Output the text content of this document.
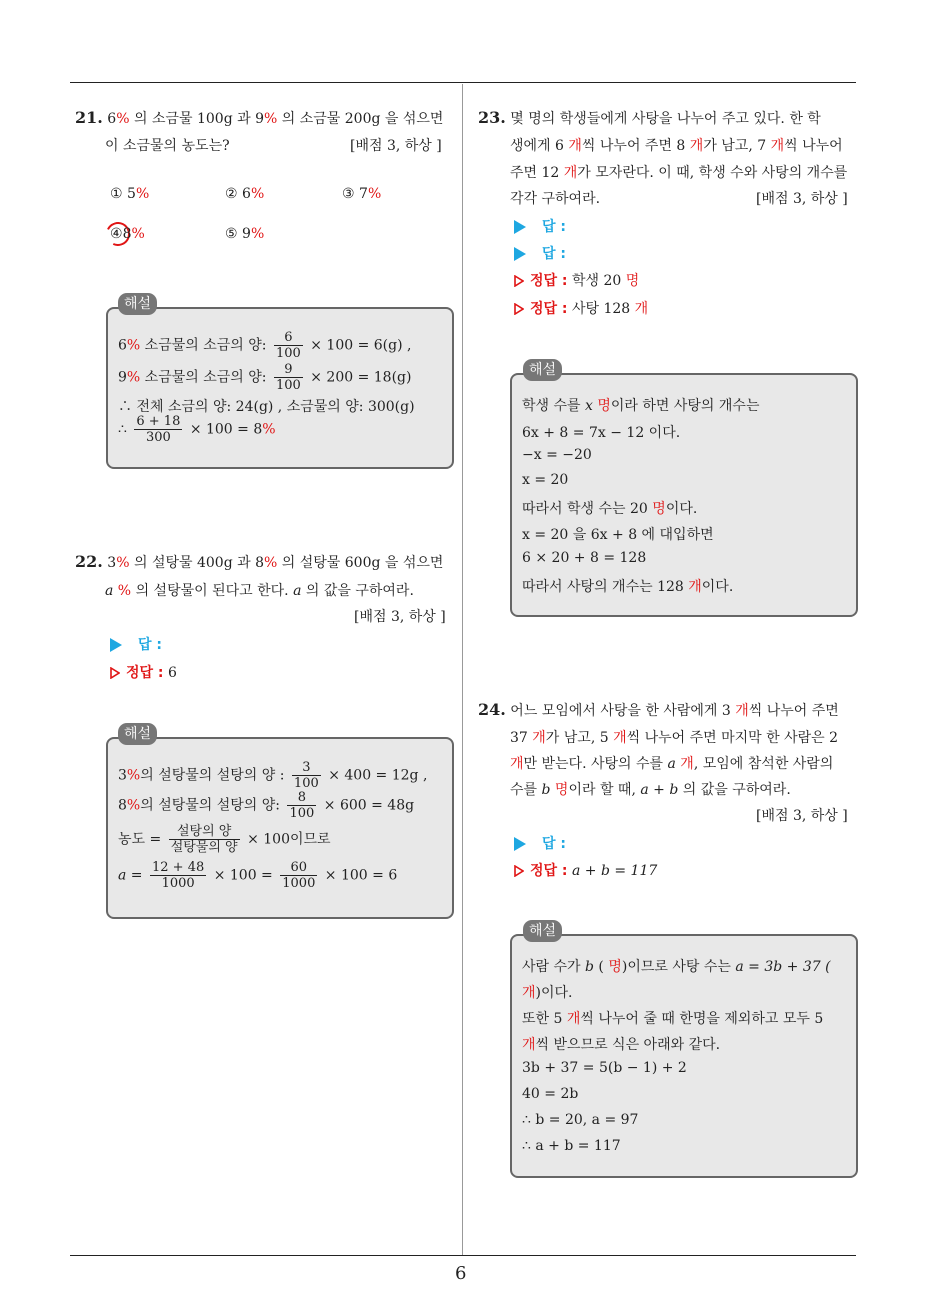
6
21. 6% 의 소금물 100g 과 9% 의 소금물 200g 을 섞으면
이 소금물의 농도는?	[배점 3, 하상 ]
① 5%	② 6%	③ 7%
④8%	⑤ 9%
해설
6% 소금물의 소금의 양: $\frac{6}{100} \times 100 = 6(g)$ ,
9% 소금물의 소금의 양: $\frac{9}{100} \times 200 = 18(g)$
∴ 전체 소금의 양: 24(g) , 소금물의 양: 300(g)
∴ $\frac{6 + 18}{300} \times 100 = 8\%$
22. 3% 의 설탕물 400g 과 8% 의 설탕물 600g 을 섞으면
a % 의 설탕물이 된다고 한다. a 의 값을 구하여라.
[배점 3, 하상 ]
답 :
정답 : 6
해설
3%의 설탕물의 설탕의 양 : $\frac{3}{100} \times 400 = 12g$ ,
8%의 설탕물의 설탕의 양: $\frac{8}{100} \times 600 = 48g$
농도 = $\frac{\text{설탕의 양}}{\text{설탕물의 양}} \times 100$이므로
$a = \frac{12 + 48}{1000} \times 100 = \frac{60}{1000} \times 100 = 6$
23. 몇 명의 학생들에게 사탕을 나누어 주고 있다. 한 학
생에게 6 개씩 나누어 주면 8 개가 남고, 7 개씩 나누어
주면 12 개가 모자란다. 이 때, 학생 수와 사탕의 개수를
각각 구하여라.	[배점 3, 하상 ]
답 :
답 :
정답 : 학생 20 명
정답 : 사탕 128 개
해설
학생 수를 x 명이라 하면 사탕의 개수는
6x + 8 = 7x − 12 이다.
−x = −20
x = 20
따라서 학생 수는 20 명이다.
x = 20 을 6x + 8 에 대입하면
6 × 20 + 8 = 128
따라서 사탕의 개수는 128 개이다.
24. 어느 모임에서 사탕을 한 사람에게 3 개씩 나누어 주면
37 개가 남고, 5 개씩 나누어 주면 마지막 한 사람은 2
개만 받는다. 사탕의 수를 a 개, 모임에 참석한 사람의
수를 b 명이라 할 때, a + b 의 값을 구하여라.
[배점 3, 하상 ]
답 :
정답 : a + b = 117
해설
사람 수가 b ( 명)이므로 사탕 수는 a = 3b + 37 (
개)이다.
또한 5 개씩 나누어 줄 때 한명을 제외하고 모두 5
개씩 받으므로 식은 아래와 같다.
3b + 37 = 5(b − 1) + 2
40 = 2b
∴ b = 20, a = 97
∴ a + b = 117
